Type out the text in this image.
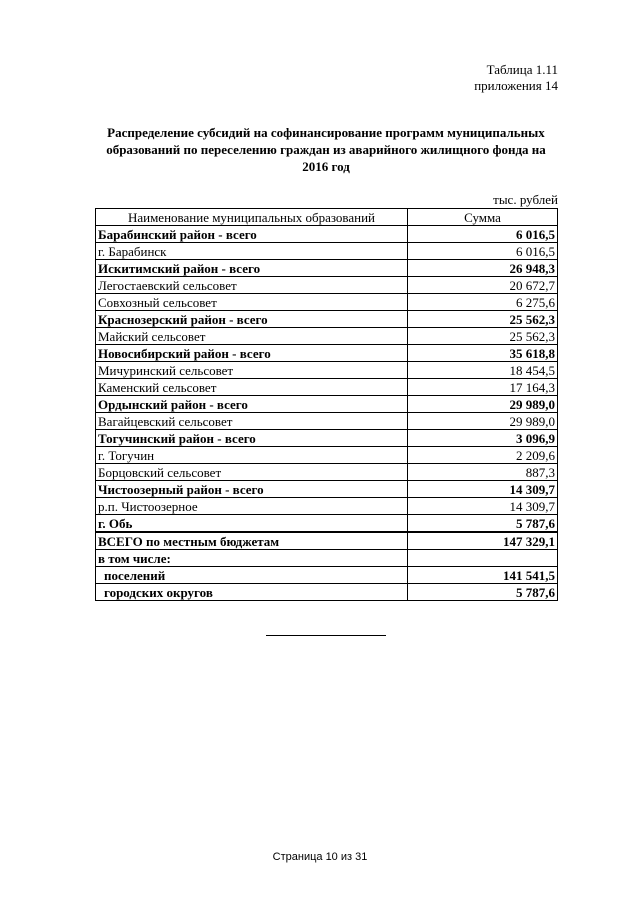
Таблица 1.11
приложения 14
Распределение субсидий на софинансирование программ муниципальных образований по переселению граждан из аварийного жилищного фонда на 2016 год
тыс. рублей
Наименование муниципальных образований	Сумма
Барабинский район - всего	6 016,5
г. Барабинск	6 016,5
Искитимский район - всего	26 948,3
Легостаевский сельсовет	20 672,7
Совхозный сельсовет	6 275,6
Краснозерский район - всего	25 562,3
Майский сельсовет	25 562,3
Новосибирский район - всего	35 618,8
Мичуринский сельсовет	18 454,5
Каменский сельсовет	17 164,3
Ордынский район - всего	29 989,0
Вагайцевский сельсовет	29 989,0
Тогучинский район - всего	3 096,9
г. Тогучин	2 209,6
Борцовский сельсовет	887,3
Чистоозерный район - всего	14 309,7
р.п. Чистоозерное	14 309,7
г. Обь	5 787,6
ВСЕГО по местным бюджетам	147 329,1
в том числе:	
поселений	141 541,5
городских округов	5 787,6
Страница 10 из 31
